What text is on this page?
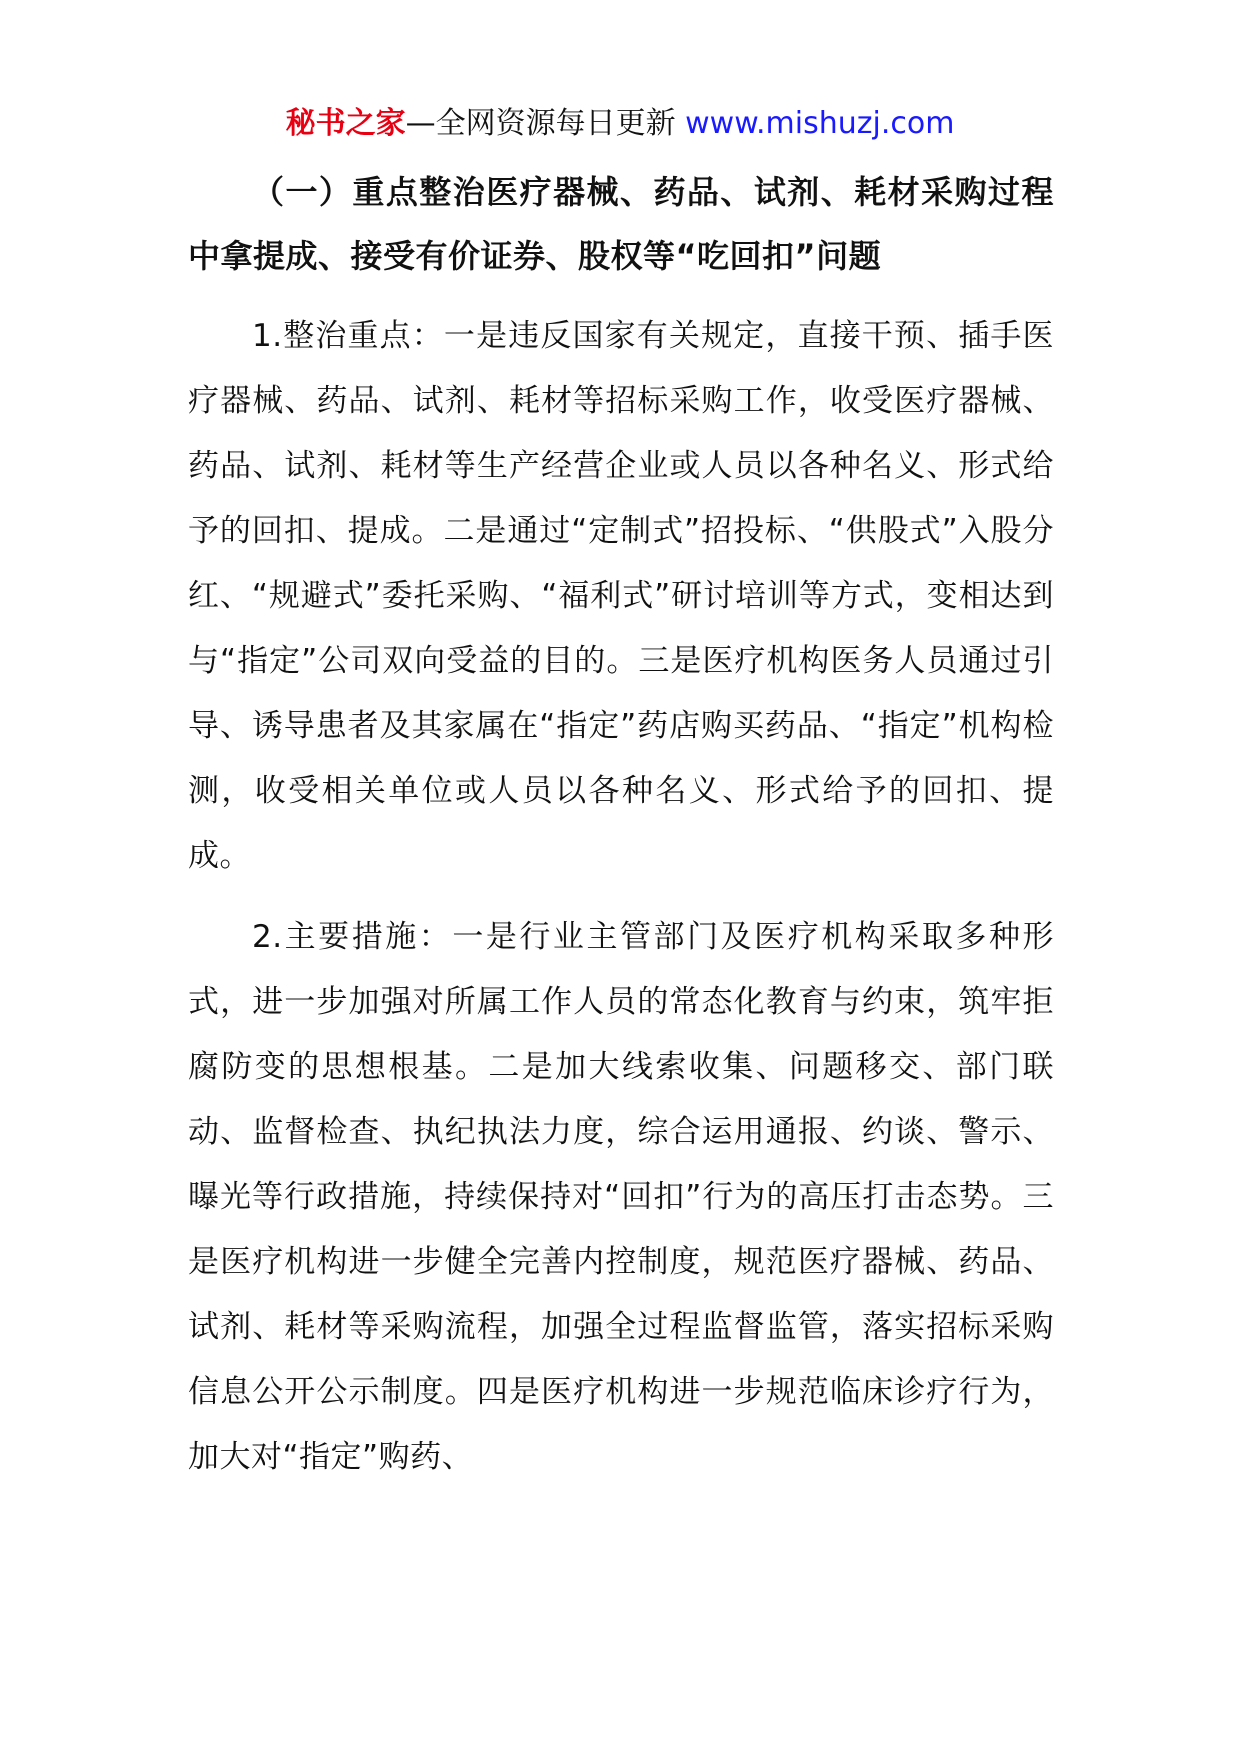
秘书之家—全网资源每日更新 www.mishuzj.com

（一）重点整治医疗器械、药品、试剂、耗材采购过程中拿提成、接受有价证券、股权等“吃回扣”问题

1.整治重点：一是违反国家有关规定，直接干预、插手医疗器械、药品、试剂、耗材等招标采购工作，收受医疗器械、药品、试剂、耗材等生产经营企业或人员以各种名义、形式给予的回扣、提成。二是通过“定制式”招投标、“供股式”入股分红、“规避式”委托采购、“福利式”研讨培训等方式，变相达到与“指定”公司双向受益的目的。三是医疗机构医务人员通过引导、诱导患者及其家属在“指定”药店购买药品、“指定”机构检测，收受相关单位或人员以各种名义、形式给予的回扣、提成。

2.主要措施：一是行业主管部门及医疗机构采取多种形式，进一步加强对所属工作人员的常态化教育与约束，筑牢拒腐防变的思想根基。二是加大线索收集、问题移交、部门联动、监督检查、执纪执法力度，综合运用通报、约谈、警示、曝光等行政措施，持续保持对“回扣”行为的高压打击态势。三是医疗机构进一步健全完善内控制度，规范医疗器械、药品、试剂、耗材等采购流程，加强全过程监督监管，落实招标采购信息公开公示制度。四是医疗机构进一步规范临床诊疗行为，加大对“指定”购药、
